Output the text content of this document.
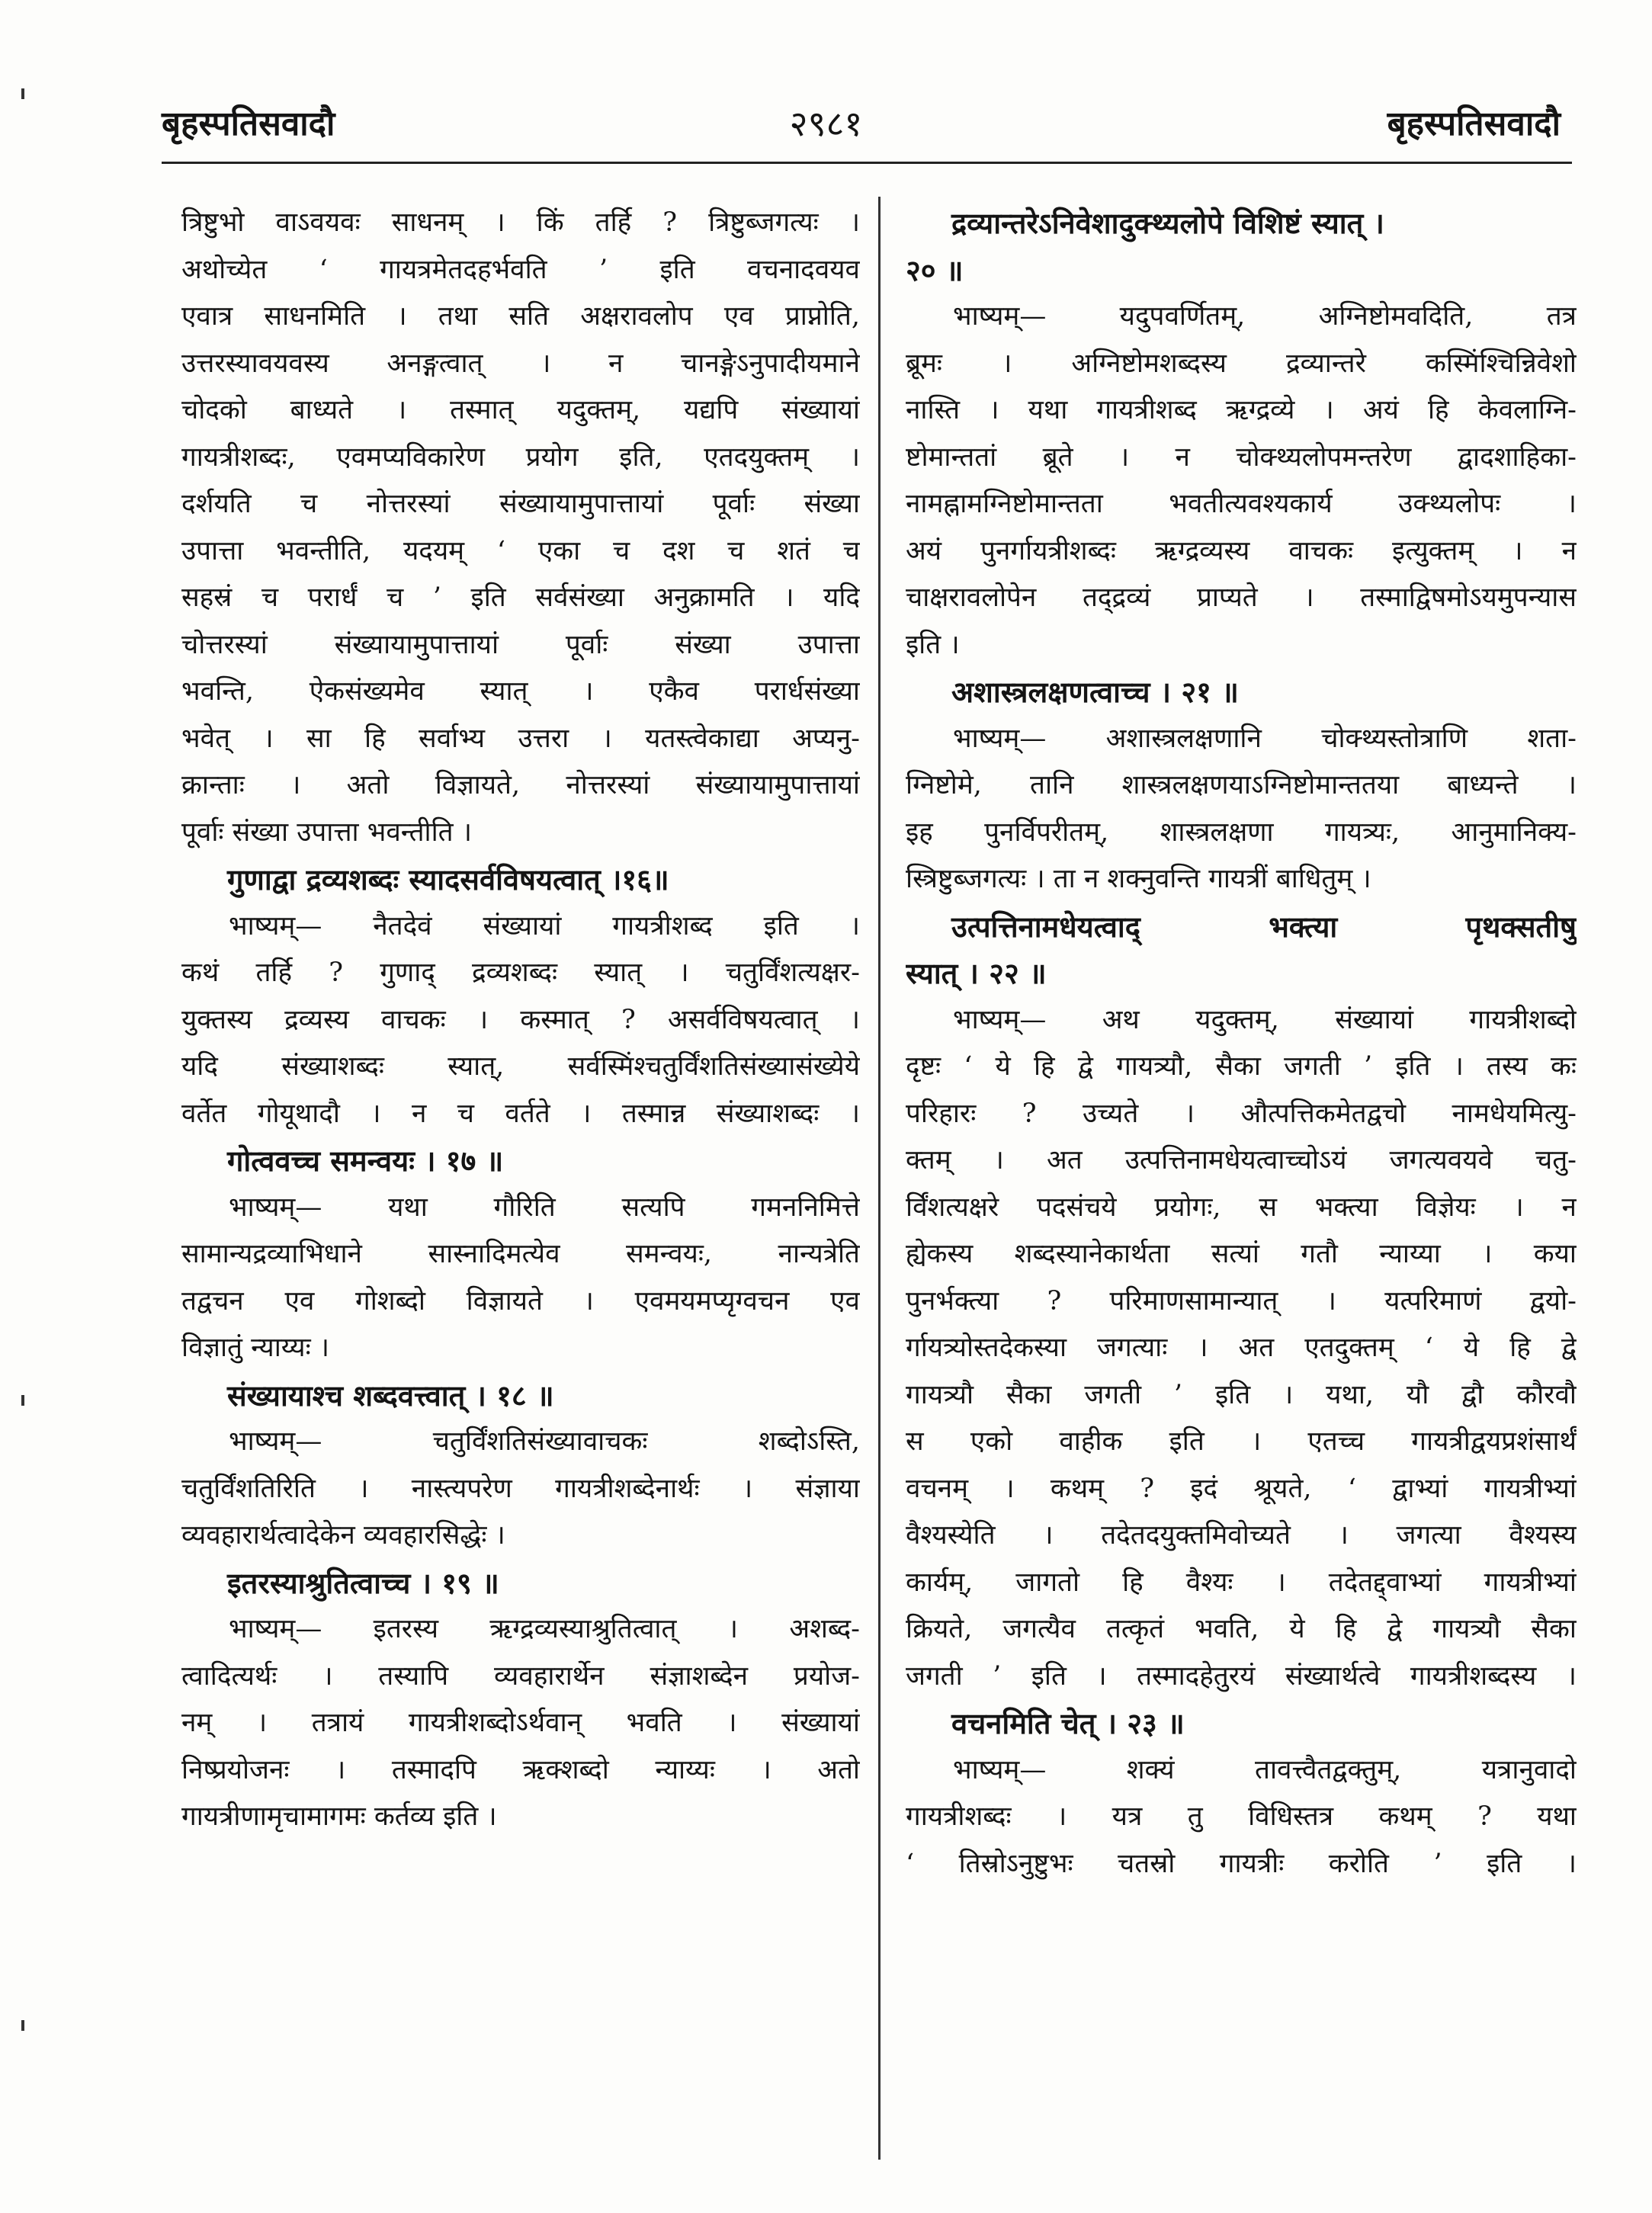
बृहस्पतिसवादौ	२९८१	बृहस्पतिसवादौ
त्रिष्टुभो वाऽवयवः साधनम् । किं तर्हि ? त्रिष्टुब्जगत्यः ।
अथोच्येत ‘ गायत्रमेतदहर्भवति ’ इति वचनादवयव
एवात्र साधनमिति । तथा सति अक्षरावलोप एव प्राप्नोति,
उत्तरस्यावयवस्य अनङ्गत्वात् । न चानङ्गेऽनुपादीयमाने
चोदको बाध्यते । तस्मात् यदुक्तम्, यद्यपि संख्यायां
गायत्रीशब्दः, एवमप्यविकारेण प्रयोग इति, एतदयुक्तम् ।
दर्शयति च नोत्तरस्यां संख्यायामुपात्तायां पूर्वाः संख्या
उपात्ता भवन्तीति, यदयम् ‘ एका च दश च शतं च
सहस्रं च परार्धं च ’ इति सर्वसंख्या अनुक्रामति । यदि
चोत्तरस्यां संख्यायामुपात्तायां पूर्वाः संख्या उपात्ता
भवन्ति, ऐकसंख्यमेव स्यात् । एकैव परार्धसंख्या
भवेत् । सा हि सर्वाभ्य उत्तरा । यतस्त्वेकाद्या अप्यनु-
क्रान्ताः । अतो विज्ञायते, नोत्तरस्यां संख्यायामुपात्तायां
पूर्वाः संख्या उपात्ता भवन्तीति ।
गुणाद्वा द्रव्यशब्दः स्यादसर्वविषयत्वात् ।१६॥
भाष्यम्— नैतदेवं संख्यायां गायत्रीशब्द इति ।
कथं तर्हि ? गुणाद् द्रव्यशब्दः स्यात् । चतुर्विंशत्यक्षर-
युक्तस्य द्रव्यस्य वाचकः । कस्मात् ? असर्वविषयत्वात् ।
यदि संख्याशब्दः स्यात्, सर्वस्मिंश्चतुर्विंशतिसंख्यासंख्येये
वर्तेत गोयूथादौ । न च वर्तते । तस्मान्न संख्याशब्दः ।
गोत्ववच्च समन्वयः । १७ ॥
भाष्यम्— यथा गौरिति सत्यपि गमननिमित्ते
सामान्यद्रव्याभिधाने सास्नादिमत्येव समन्वयः, नान्यत्रेति
तद्वचन एव गोशब्दो विज्ञायते । एवमयमप्यृग्वचन एव
विज्ञातुं न्याय्यः ।
संख्यायाश्च शब्दवत्त्वात् । १८ ॥
भाष्यम्— चतुर्विंशतिसंख्यावाचकः शब्दोऽस्ति,
चतुर्विंशतिरिति । नास्त्यपरेण गायत्रीशब्देनार्थः । संज्ञाया
व्यवहारार्थत्वादेकेन व्यवहारसिद्धेः ।
इतरस्याश्रुतित्वाच्च । १९ ॥
भाष्यम्— इतरस्य ऋग्द्रव्यस्याश्रुतित्वात् । अशब्द-
त्वादित्यर्थः । तस्यापि व्यवहारार्थेन संज्ञाशब्देन प्रयोज-
नम् । तत्रायं गायत्रीशब्दोऽर्थवान् भवति । संख्यायां
निष्प्रयोजनः । तस्मादपि ऋक्शब्दो न्याय्यः । अतो
गायत्रीणामृचामागमः कर्तव्य इति ।
द्रव्यान्तरेऽनिवेशादुक्थ्यलोपे विशिष्टं स्यात् ।
२० ॥
भाष्यम्— यदुपवर्णितम्, अग्निष्टोमवदिति, तत्र
ब्रूमः । अग्निष्टोमशब्दस्य द्रव्यान्तरे कस्मिंश्चिन्निवेशो
नास्ति । यथा गायत्रीशब्द ऋग्द्रव्ये । अयं हि केवलाग्नि-
ष्टोमान्ततां ब्रूते । न चोक्थ्यलोपमन्तरेण द्वादशाहिका-
नामह्नामग्निष्टोमान्तता भवतीत्यवश्यकार्य उक्थ्यलोपः ।
अयं पुनर्गायत्रीशब्दः ऋग्द्रव्यस्य वाचकः इत्युक्तम् । न
चाक्षरावलोपेन तद्द्रव्यं प्राप्यते । तस्माद्विषमोऽयमुपन्यास
इति ।
अशास्त्रलक्षणत्वाच्च । २१ ॥
भाष्यम्— अशास्त्रलक्षणानि चोक्थ्यस्तोत्राणि शता-
ग्निष्टोमे, तानि शास्त्रलक्षणयाऽग्निष्टोमान्ततया बाध्यन्ते ।
इह पुनर्विपरीतम्, शास्त्रलक्षणा गायत्र्यः, आनुमानिक्य-
स्त्रिष्टुब्जगत्यः । ता न शक्नुवन्ति गायत्रीं बाधितुम् ।
उत्पत्तिनामधेयत्वाद् भक्त्या पृथक्सतीषु
स्यात् । २२ ॥
भाष्यम्— अथ यदुक्तम्, संख्यायां गायत्रीशब्दो
दृष्टः ‘ ये हि द्वे गायत्र्यौ, सैका जगती ’ इति । तस्य कः
परिहारः ? उच्यते । औत्पत्तिकमेतद्वचो नामधेयमित्यु-
क्तम् । अत उत्पत्तिनामधेयत्वाच्चोऽयं जगत्यवयवे चतु-
र्विंशत्यक्षरे पदसंचये प्रयोगः, स भक्त्या विज्ञेयः । न
ह्येकस्य शब्दस्यानेकार्थता सत्यां गतौ न्याय्या । कया
पुनर्भक्त्या ? परिमाणसामान्यात् । यत्परिमाणं द्वयो-
र्गायत्र्योस्तदेकस्या जगत्याः । अत एतदुक्तम् ‘ ये हि द्वे
गायत्र्यौ सैका जगती ’ इति । यथा, यौ द्वौ कौरवौ
स एको वाहीक इति । एतच्च गायत्रीद्वयप्रशंसार्थं
वचनम् । कथम् ? इदं श्रूयते, ‘ द्वाभ्यां गायत्रीभ्यां
वैश्यस्येति । तदेतदयुक्तमिवोच्यते । जगत्या वैश्यस्य
कार्यम्, जागतो हि वैश्यः । तदेतद्द्वाभ्यां गायत्रीभ्यां
क्रियते, जगत्यैव तत्कृतं भवति, ये हि द्वे गायत्र्यौ सैका
जगती ’ इति । तस्मादहेतुरयं संख्यार्थत्वे गायत्रीशब्दस्य ।
वचनमिति चेत् । २३ ॥
भाष्यम्— शक्यं तावत्त्वैतद्वक्तुम्, यत्रानुवादो
गायत्रीशब्दः । यत्र तु विधिस्तत्र कथम् ? यथा
‘ तिस्रोऽनुष्टुभः चतस्रो गायत्रीः करोति ’ इति ।
